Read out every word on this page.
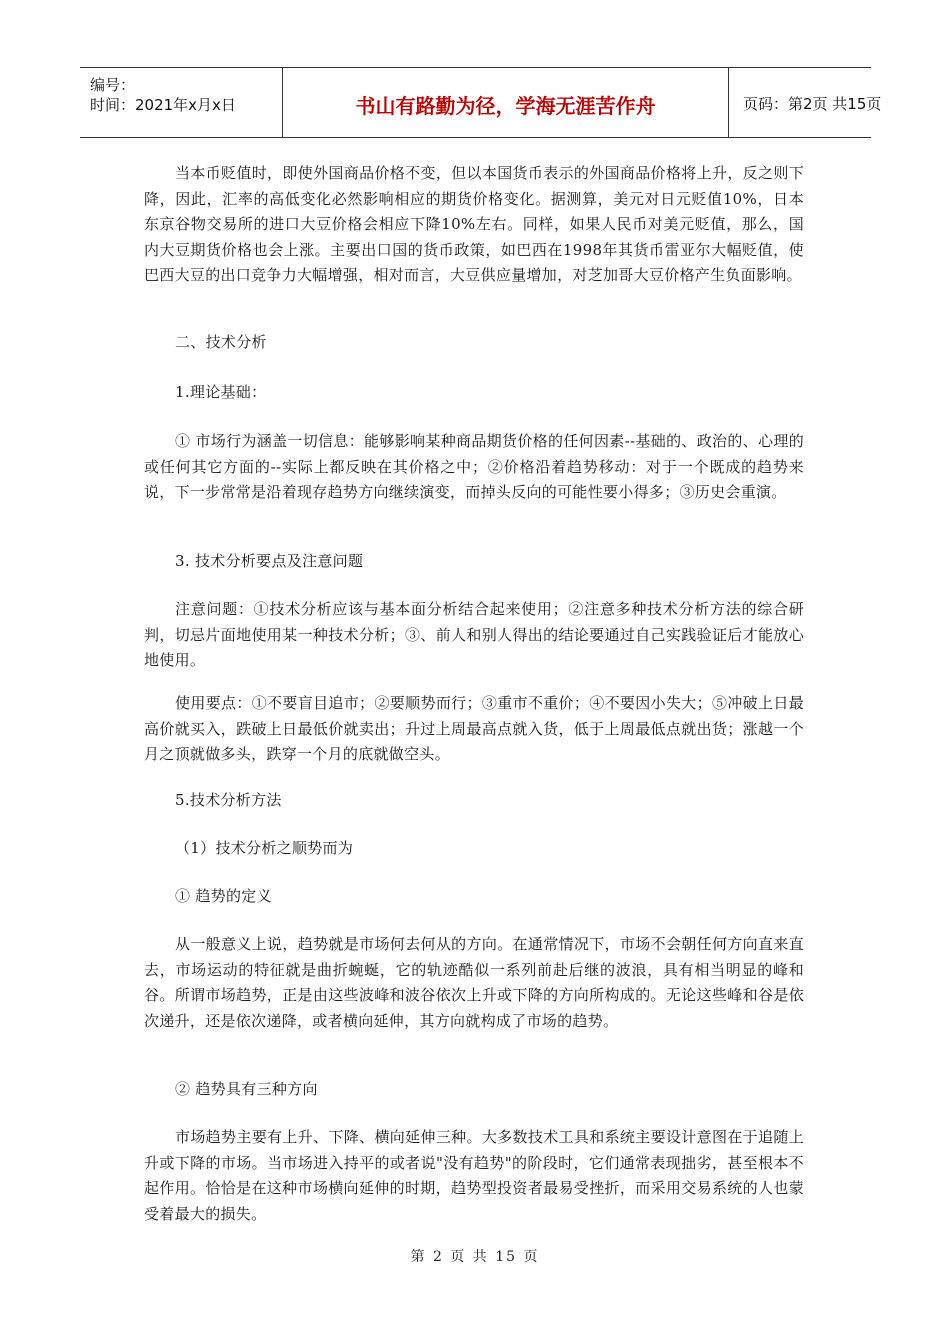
编号：
时间：2021年x月x日	书山有路勤为径，学海无涯苦作舟	页码：第2页 共15页

当本币贬值时，即使外国商品价格不变，但以本国货币表示的外国商品价格将上升，反之则下降，因此，汇率的高低变化必然影响相应的期货价格变化。据测算，美元对日元贬值10%，日本东京谷物交易所的进口大豆价格会相应下降10%左右。同样，如果人民币对美元贬值，那么，国内大豆期货价格也会上涨。主要出口国的货币政策，如巴西在1998年其货币雷亚尔大幅贬值，使巴西大豆的出口竞争力大幅增强，相对而言，大豆供应量增加，对芝加哥大豆价格产生负面影响。

二、技术分析

1.理论基础：

① 市场行为涵盖一切信息：能够影响某种商品期货价格的任何因素--基础的、政治的、心理的或任何其它方面的--实际上都反映在其价格之中；②价格沿着趋势移动：对于一个既成的趋势来说，下一步常常是沿着现存趋势方向继续演变，而掉头反向的可能性要小得多；③历史会重演。

3. 技术分析要点及注意问题

注意问题：①技术分析应该与基本面分析结合起来使用；②注意多种技术分析方法的综合研判，切忌片面地使用某一种技术分析；③、前人和别人得出的结论要通过自己实践验证后才能放心地使用。

使用要点：①不要盲目追市；②要顺势而行；③重市不重价；④不要因小失大；⑤冲破上日最高价就买入，跌破上日最低价就卖出；升过上周最高点就入货，低于上周最低点就出货；涨越一个月之顶就做多头，跌穿一个月的底就做空头。

5.技术分析方法

（1）技术分析之顺势而为

① 趋势的定义

从一般意义上说，趋势就是市场何去何从的方向。在通常情况下，市场不会朝任何方向直来直去，市场运动的特征就是曲折蜿蜒，它的轨迹酷似一系列前赴后继的波浪，具有相当明显的峰和谷。所谓市场趋势，正是由这些波峰和波谷依次上升或下降的方向所构成的。无论这些峰和谷是依次递升，还是依次递降，或者横向延伸，其方向就构成了市场的趋势。

② 趋势具有三种方向

市场趋势主要有上升、下降、横向延伸三种。大多数技术工具和系统主要设计意图在于追随上升或下降的市场。当市场进入持平的或者说"没有趋势"的阶段时，它们通常表现拙劣，甚至根本不起作用。恰恰是在这种市场横向延伸的时期，趋势型投资者最易受挫折，而采用交易系统的人也蒙受着最大的损失。

第 2 页 共 15 页
